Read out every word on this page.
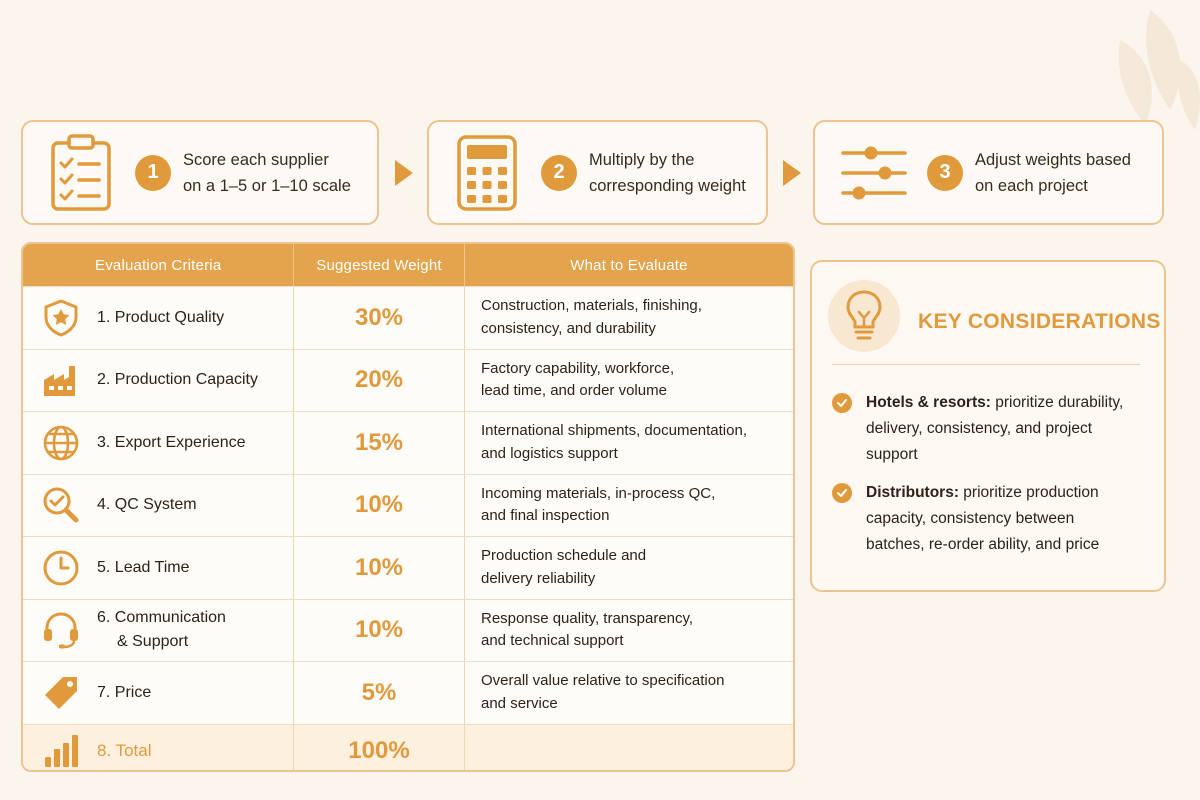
1
Score each supplier
on a 1–5 or 1–10 scale
2
Multiply by the
corresponding weight
3
Adjust weights based
on each project
Evaluation Criteria	Suggested Weight	What to Evaluate
1. Product Quality	30%	Construction, materials, finishing,
consistency, and durability
2. Production Capacity	20%	Factory capability, workforce,
lead time, and order volume
3. Export Experience	15%	International shipments, documentation,
and logistics support
4. QC System	10%	Incoming materials, in-process QC,
and final inspection
5. Lead Time	10%	Production schedule and
delivery reliability
6. Communication
& Support	10%	Response quality, transparency,
and technical support
7. Price	5%	Overall value relative to specification
and service
8. Total	100%
KEY CONSIDERATIONS
Hotels & resorts: prioritize durability, delivery, consistency, and project support
Distributors: prioritize production capacity, consistency between batches, re-order ability, and price
